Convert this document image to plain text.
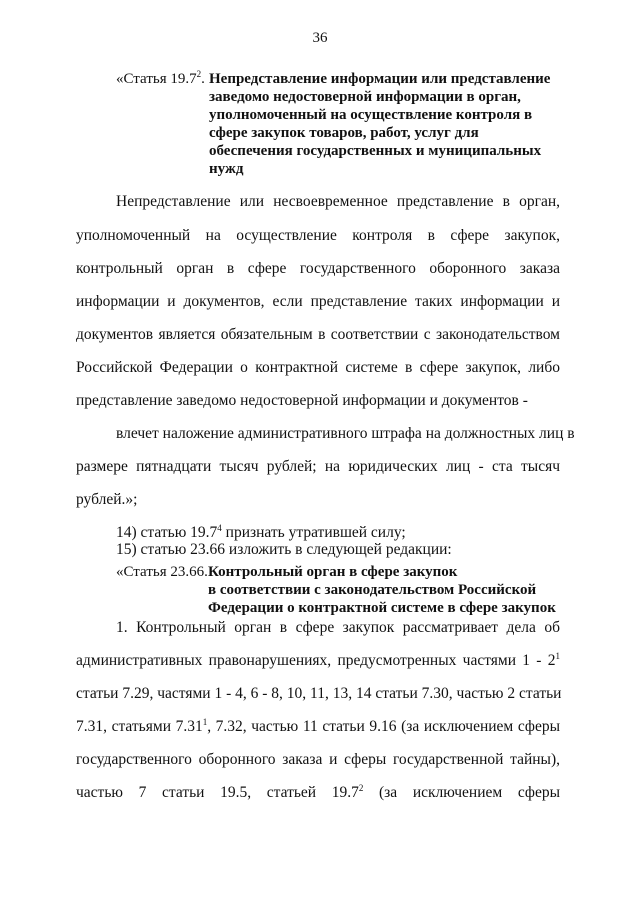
36
«Статья 19.7$^2$. Непредставление информации или представление
заведомо недостоверной информации в орган,
уполномоченный на осуществление контроля в
сфере закупок товаров, работ, услуг для
обеспечения государственных и муниципальных
нужд
Непредставление или несвоевременное представление в орган,
уполномоченный на осуществление контроля в сфере закупок,
контрольный орган в сфере государственного оборонного заказа
информации и документов, если представление таких информации и
документов является обязательным в соответствии с законодательством
Российской Федерации о контрактной системе в сфере закупок, либо
представление заведомо недостоверной информации и документов -
влечет наложение административного штрафа на должностных лиц в
размере пятнадцати тысяч рублей; на юридических лиц - ста тысяч
рублей.»;
14) статью 19.7$^4$ признать утратившей силу;
15) статью 23.66 изложить в следующей редакции:
«Статья 23.66. Контрольный орган в сфере закупок
в соответствии с законодательством Российской
Федерации о контрактной системе в сфере закупок
1. Контрольный орган в сфере закупок рассматривает дела об
административных правонарушениях, предусмотренных частями $1 - 2^1$
статьи 7.29, частями 1 - 4, 6 - 8, 10, 11, 13, 14 статьи 7.30, частью 2 статьи
7.31, статьями 7.31$^1$, 7.32, частью 11 статьи 9.16 (за исключением сферы
государственного оборонного заказа и сферы государственной тайны),
частью 7 статьи 19.5, статьей 19.7$^2$ (за исключением сферы
